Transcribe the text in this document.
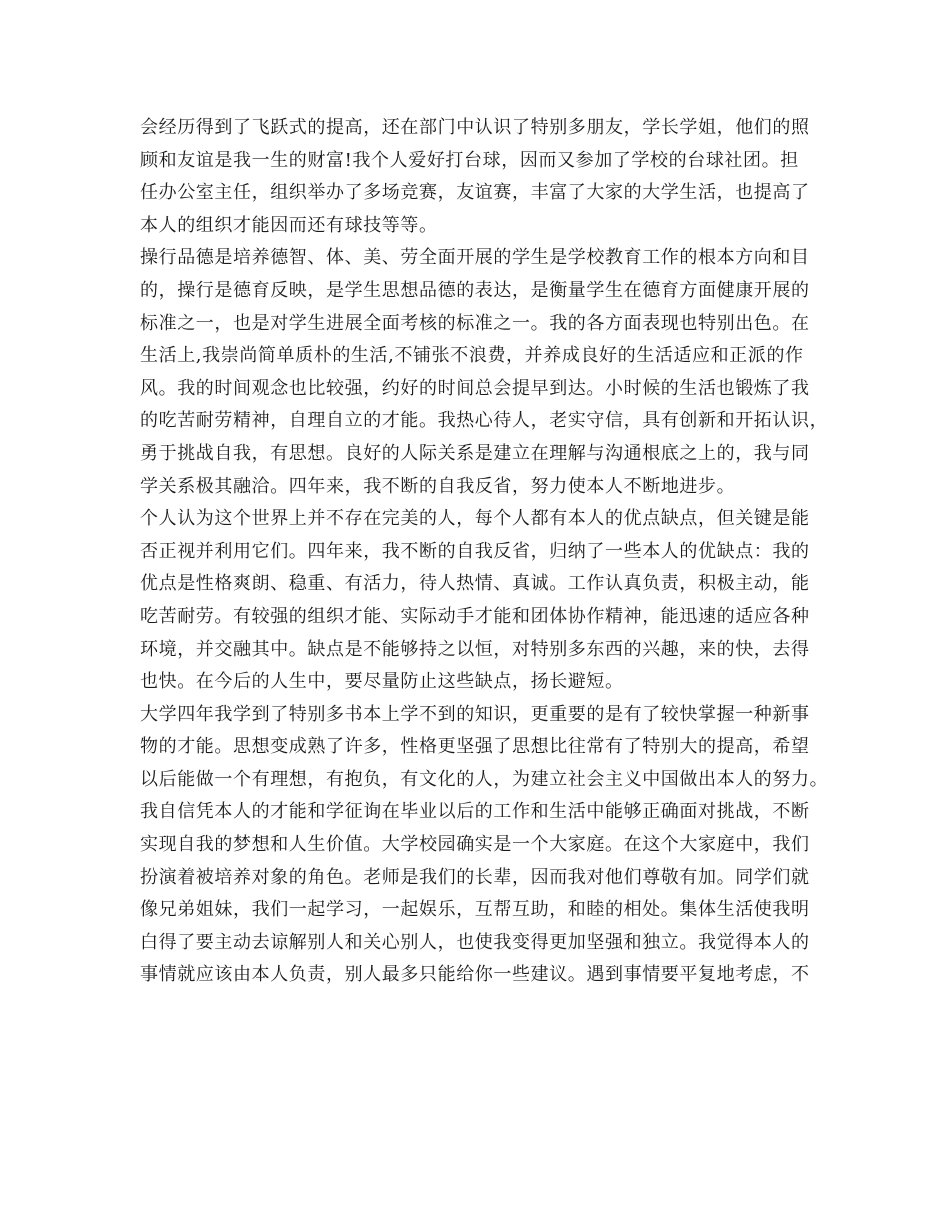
会经历得到了飞跃式的提高，还在部门中认识了特别多朋友，学长学姐，他们的照
顾和友谊是我一生的财富!我个人爱好打台球，因而又参加了学校的台球社团。担
任办公室主任，组织举办了多场竞赛，友谊赛，丰富了大家的大学生活，也提高了
本人的组织才能因而还有球技等等。
操行品德是培养德智、体、美、劳全面开展的学生是学校教育工作的根本方向和目
的，操行是德育反映，是学生思想品德的表达，是衡量学生在德育方面健康开展的
标准之一，也是对学生进展全面考核的标准之一。我的各方面表现也特别出色。在
生活上,我崇尚简单质朴的生活,不铺张不浪费，并养成良好的生活适应和正派的作
风。我的时间观念也比较强，约好的时间总会提早到达。小时候的生活也锻炼了我
的吃苦耐劳精神，自理自立的才能。我热心待人，老实守信，具有创新和开拓认识，
勇于挑战自我，有思想。良好的人际关系是建立在理解与沟通根底之上的，我与同
学关系极其融洽。四年来，我不断的自我反省，努力使本人不断地进步。
个人认为这个世界上并不存在完美的人，每个人都有本人的优点缺点，但关键是能
否正视并利用它们。四年来，我不断的自我反省，归纳了一些本人的优缺点：我的
优点是性格爽朗、稳重、有活力，待人热情、真诚。工作认真负责，积极主动，能
吃苦耐劳。有较强的组织才能、实际动手才能和团体协作精神，能迅速的适应各种
环境，并交融其中。缺点是不能够持之以恒，对特别多东西的兴趣，来的快，去得
也快。在今后的人生中，要尽量防止这些缺点，扬长避短。
大学四年我学到了特别多书本上学不到的知识，更重要的是有了较快掌握一种新事
物的才能。思想变成熟了许多，性格更坚强了思想比往常有了特别大的提高，希望
以后能做一个有理想，有抱负，有文化的人，为建立社会主义中国做出本人的努力。
我自信凭本人的才能和学征询在毕业以后的工作和生活中能够正确面对挑战，不断
实现自我的梦想和人生价值。大学校园确实是一个大家庭。在这个大家庭中，我们
扮演着被培养对象的角色。老师是我们的长辈，因而我对他们尊敬有加。同学们就
像兄弟姐妹，我们一起学习，一起娱乐，互帮互助，和睦的相处。集体生活使我明
白得了要主动去谅解别人和关心别人，也使我变得更加坚强和独立。我觉得本人的
事情就应该由本人负责，别人最多只能给你一些建议。遇到事情要平复地考虑，不
